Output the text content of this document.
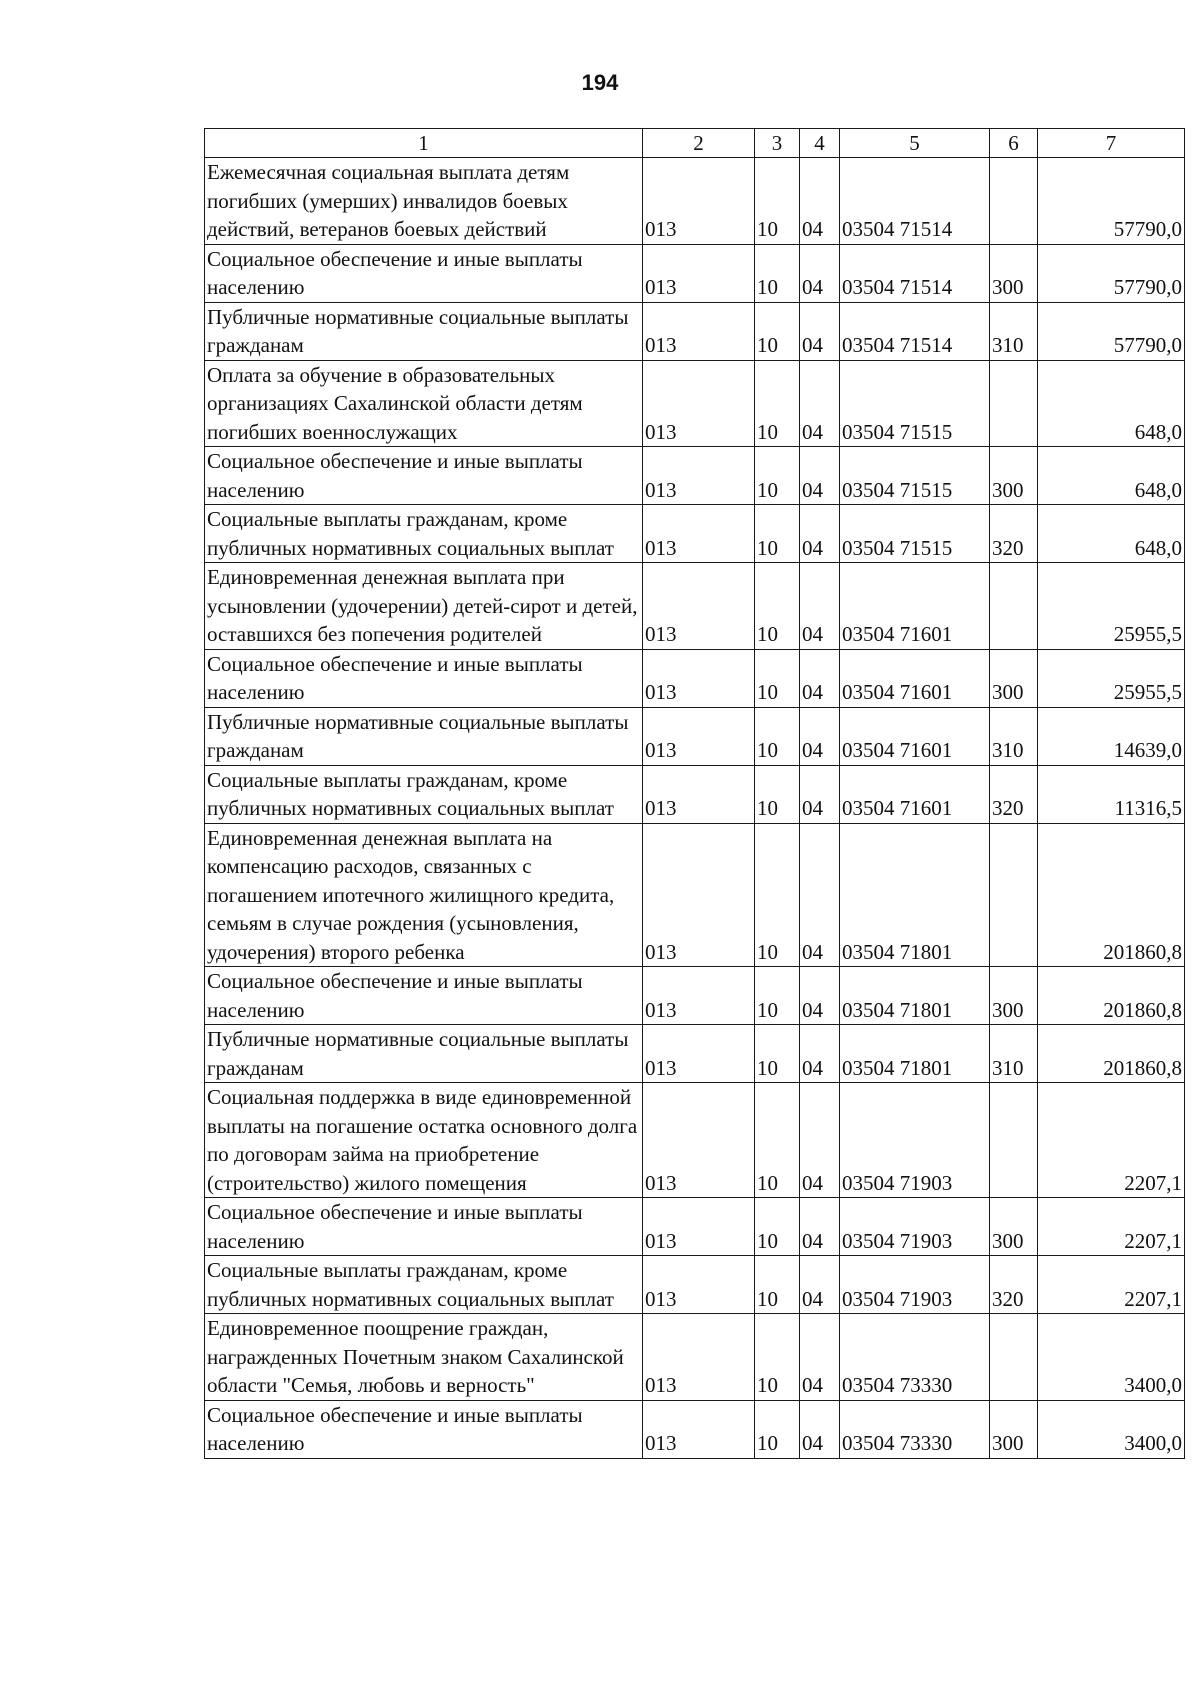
194
1	2	3	4	5	6	7
Ежемесячная социальная выплата детям погибших (умерших) инвалидов боевых действий, ветеранов боевых действий	013	10	04	03504 71514		57790,0
Социальное обеспечение и иные выплаты населению	013	10	04	03504 71514	300	57790,0
Публичные нормативные социальные выплаты гражданам	013	10	04	03504 71514	310	57790,0
Оплата за обучение в образовательных организациях Сахалинской области детям погибших военнослужащих	013	10	04	03504 71515		648,0
Социальное обеспечение и иные выплаты населению	013	10	04	03504 71515	300	648,0
Социальные выплаты гражданам, кроме публичных нормативных социальных выплат	013	10	04	03504 71515	320	648,0
Единовременная денежная выплата при усыновлении (удочерении) детей-сирот и детей, оставшихся без попечения родителей	013	10	04	03504 71601		25955,5
Социальное обеспечение и иные выплаты населению	013	10	04	03504 71601	300	25955,5
Публичные нормативные социальные выплаты гражданам	013	10	04	03504 71601	310	14639,0
Социальные выплаты гражданам, кроме публичных нормативных социальных выплат	013	10	04	03504 71601	320	11316,5
Единовременная денежная выплата на компенсацию расходов, связанных с погашением ипотечного жилищного кредита, семьям в случае рождения (усыновления, удочерения) второго ребенка	013	10	04	03504 71801		201860,8
Социальное обеспечение и иные выплаты населению	013	10	04	03504 71801	300	201860,8
Публичные нормативные социальные выплаты гражданам	013	10	04	03504 71801	310	201860,8
Социальная поддержка в виде единовременной выплаты на погашение остатка основного долга по договорам займа на приобретение (строительство) жилого помещения	013	10	04	03504 71903		2207,1
Социальное обеспечение и иные выплаты населению	013	10	04	03504 71903	300	2207,1
Социальные выплаты гражданам, кроме публичных нормативных социальных выплат	013	10	04	03504 71903	320	2207,1
Единовременное поощрение граждан, награжденных Почетным знаком Сахалинской области "Семья, любовь и верность"	013	10	04	03504 73330		3400,0
Социальное обеспечение и иные выплаты населению	013	10	04	03504 73330	300	3400,0
